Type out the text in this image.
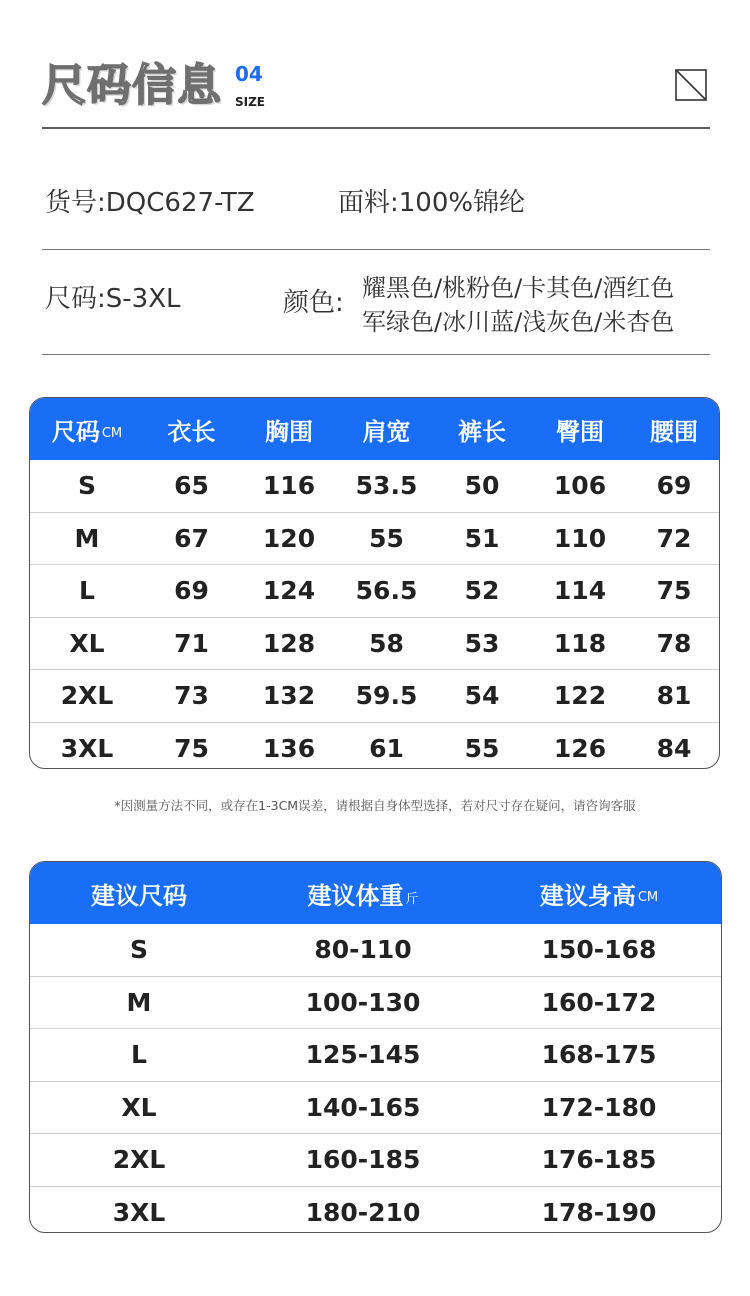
尺码信息 04
SIZE
货号:DQC627-TZ	面料:100%锦纶
尺码:S-3XL	颜色: 耀黑色/桃粉色/卡其色/酒红色
军绿色/冰川蓝/浅灰色/米杏色
尺码 CM	衣长	胸围	肩宽	裤长	臀围	腰围
S	65	116	53.5	50	106	69
M	67	120	55	51	110	72
L	69	124	56.5	52	114	75
XL	71	128	58	53	118	78
2XL	73	132	59.5	54	122	81
3XL	75	136	61	55	126	84
*因测量方法不同，或存在1-3CM误差，请根据自身体型选择，若对尺寸存在疑问，请咨询客服
建议尺码	建议体重 斤	建议身高 CM
S	80-110	150-168
M	100-130	160-172
L	125-145	168-175
XL	140-165	172-180
2XL	160-185	176-185
3XL	180-210	178-190
